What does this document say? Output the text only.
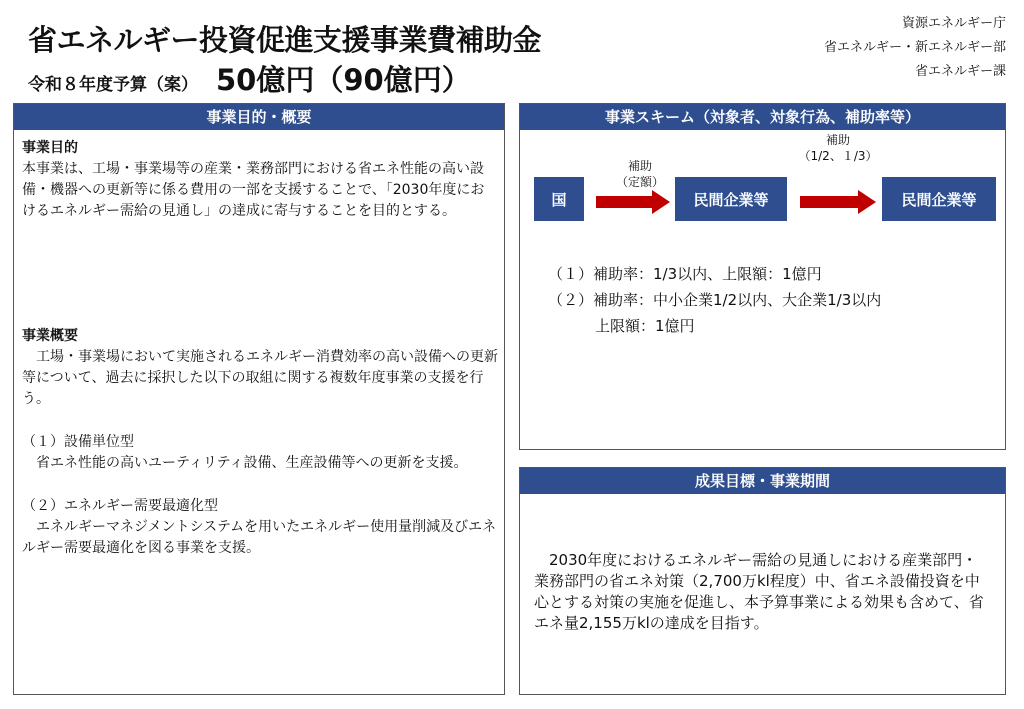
省エネルギー投資促進支援事業費補助金
令和８年度予算（案） 50億円（90億円）
資源エネルギー庁
省エネルギー・新エネルギー部
省エネルギー課
事業目的・概要
事業目的

本事業は、工場・事業場等の産業・業務部門における省エネ性能の高い設備・機器への更新等に係る費用の一部を支援することで、「2030年度におけるエネルギー需給の見通し」の達成に寄与することを目的とする。

事業概要

　工場・事業場において実施されるエネルギー消費効率の高い設備への更新等について、過去に採択した以下の取組に関する複数年度事業の支援を行う。

（１）設備単位型

　省エネ性能の高いユーティリティ設備、生産設備等への更新を支援。

（２）エネルギー需要最適化型

　エネルギーマネジメントシステムを用いたエネルギー使用量削減及びエネルギー需要最適化を図る事業を支援。

事業スキーム（対象者、対象行為、補助率等）
国
補助
（定額）
民間企業等
補助
（1/2、１/3）
民間企業等
（１）補助率：1/3以内、上限額：1億円
（２）補助率：中小企業1/2以内、大企業1/3以内
上限額：1億円
成果目標・事業期間

　2030年度におけるエネルギー需給の見通しにおける産業部門・業務部門の省エネ対策（2,700万kl程度）中、省エネ設備投資を中心とする対策の実施を促進し、本予算事業による効果も含めて、省エネ量2,155万klの達成を目指す。
